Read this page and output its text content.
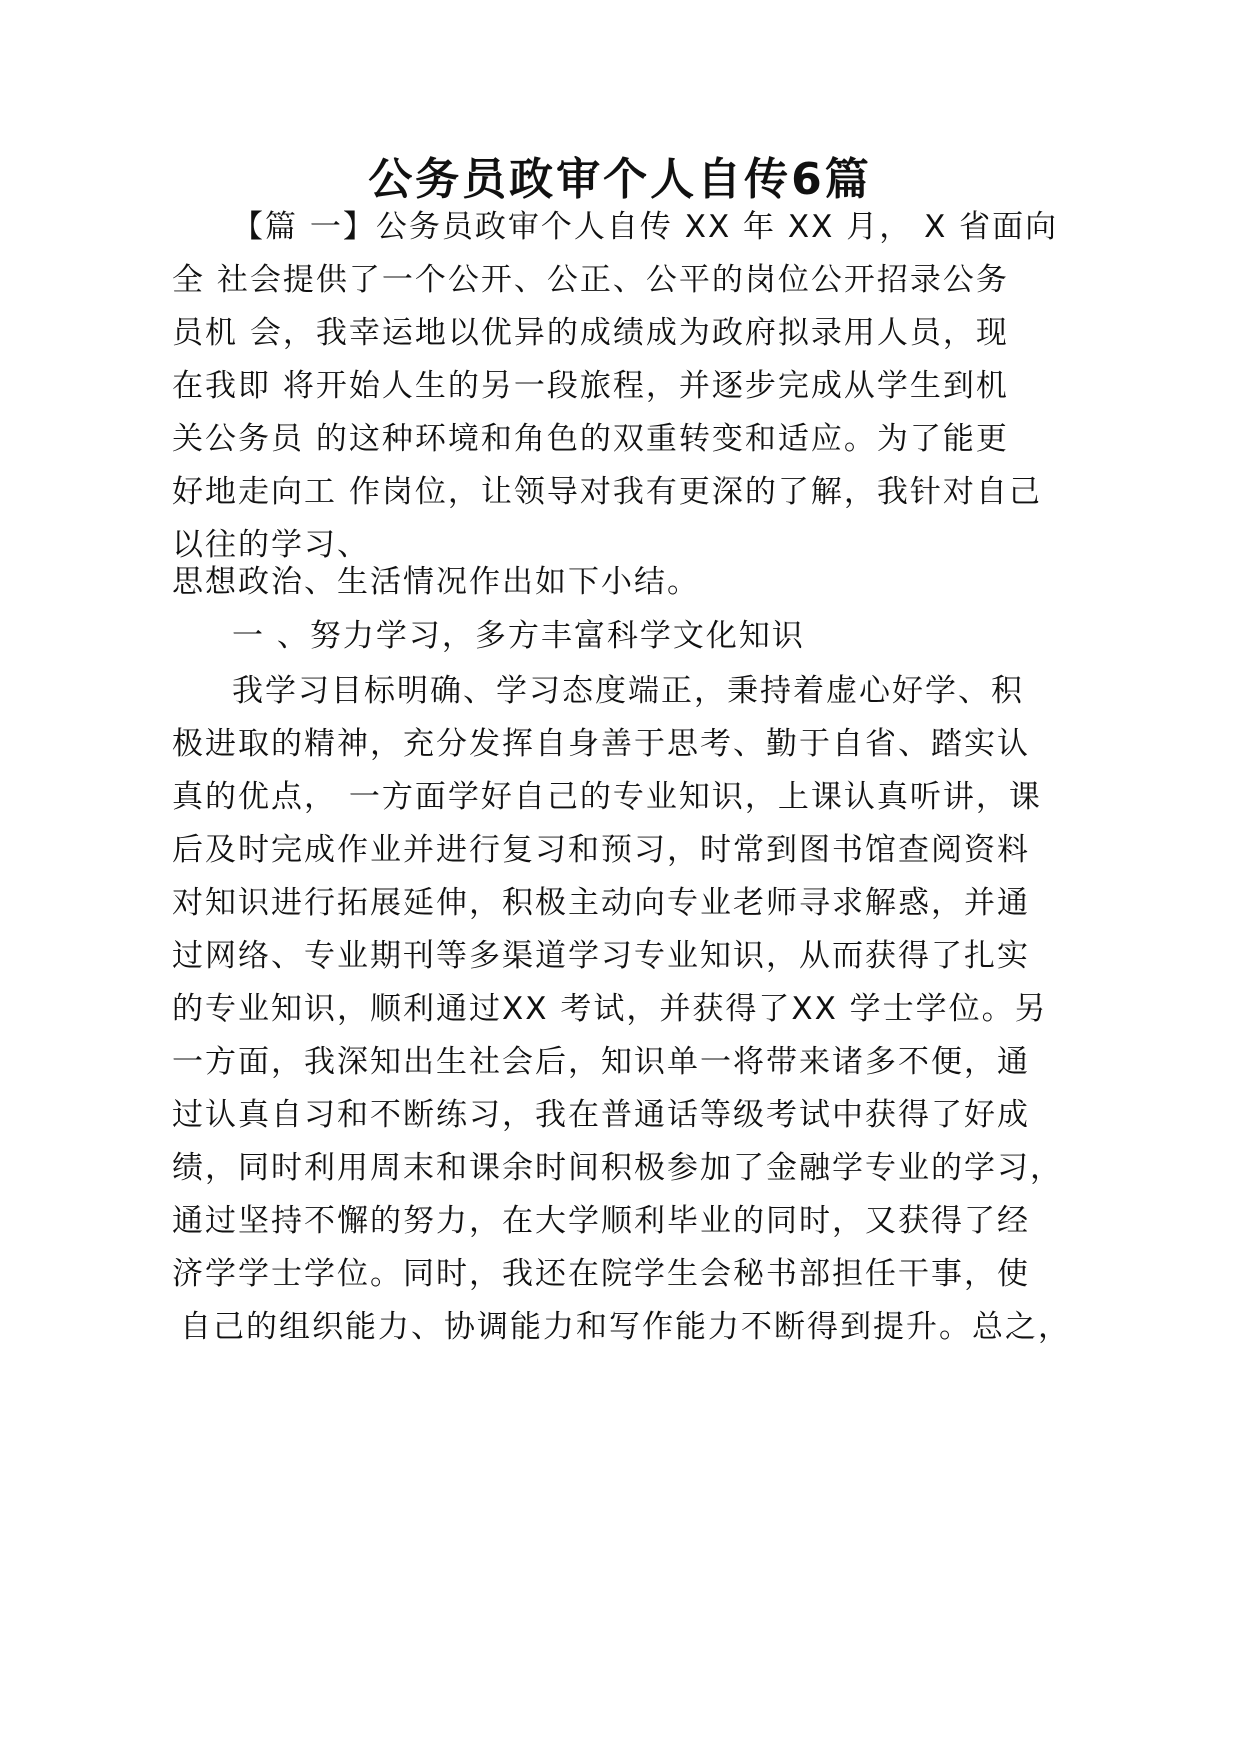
公务员政审个人自传6篇
【篇 一】公务员政审个人自传 XX 年 XX 月， X 省面向
全 社会提供了一个公开、公正、公平的岗位公开招录公务
员机 会，我幸运地以优异的成绩成为政府拟录用人员，现
在我即 将开始人生的另一段旅程，并逐步完成从学生到机
关公务员 的这种环境和角色的双重转变和适应。为了能更
好地走向工 作岗位，让领导对我有更深的了解，我针对自己
以往的学习、
思想政治、生活情况作出如下小结。
一 、努力学习，多方丰富科学文化知识
我学习目标明确、学习态度端正，秉持着虚心好学、积
极进取的精神，充分发挥自身善于思考、勤于自省、踏实认
真的优点， 一方面学好自己的专业知识，上课认真听讲，课
后及时完成作业并进行复习和预习，时常到图书馆查阅资料
对知识进行拓展延伸，积极主动向专业老师寻求解惑，并通
过网络、专业期刊等多渠道学习专业知识，从而获得了扎实
的专业知识，顺利通过XX 考试，并获得了XX 学士学位。另
一方面，我深知出生社会后，知识单一将带来诸多不便，通
过认真自习和不断练习，我在普通话等级考试中获得了好成
绩，同时利用周末和课余时间积极参加了金融学专业的学习，
通过坚持不懈的努力，在大学顺利毕业的同时，又获得了经
济学学士学位。同时，我还在院学生会秘书部担任干事，使
自己的组织能力、协调能力和写作能力不断得到提升。总之，
